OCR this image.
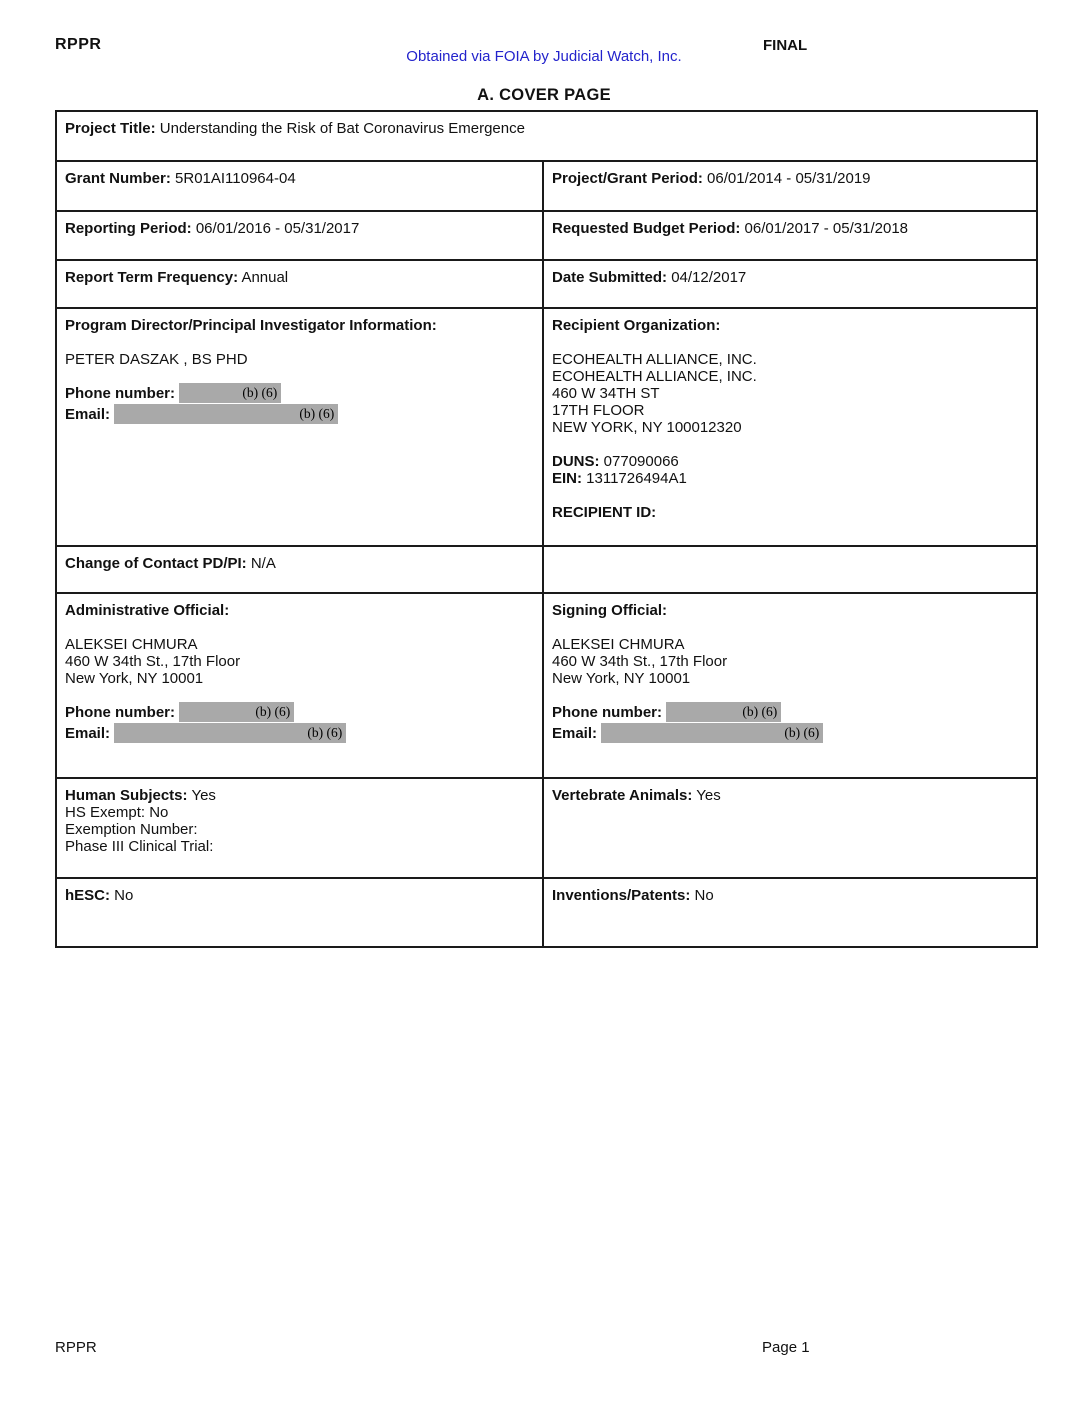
RPPR
Obtained via FOIA by Judicial Watch, Inc.
FINAL
A. COVER PAGE
Project Title: Understanding the Risk of Bat Coronavirus Emergence	
Grant Number: 5R01AI110964-04	Project/Grant Period: 06/01/2014 - 05/31/2019
Reporting Period: 06/01/2016 - 05/31/2017	Requested Budget Period: 06/01/2017 - 05/31/2018
Report Term Frequency: Annual	Date Submitted: 04/12/2017

Program Director/Principal Investigator Information:
PETER DASZAK , BS PHD
Phone number:	(b) (6)
Email:	(b) (6)

Recipient Organization:
ECOHEALTH ALLIANCE, INC.
ECOHEALTH ALLIANCE, INC.
460 W 34TH ST
17TH FLOOR
NEW YORK, NY 100012320
DUNS: 077090066
EIN: 1311726494A1
RECIPIENT ID:

Change of Contact PD/PI: N/A	

Administrative Official:
ALEKSEI CHMURA
460 W 34th St., 17th Floor
New York, NY 10001
Phone number:	(b) (6)
Email:	(b) (6)

Signing Official:
ALEKSEI CHMURA
460 W 34th St., 17th Floor
New York, NY 10001
Phone number:	(b) (6)
Email:	(b) (6)

Human Subjects: Yes
HS Exempt: No
Exemption Number:
Phase III Clinical Trial:	Vertebrate Animals: Yes
hESC: No	Inventions/Patents: No
RPPR	Page 1
